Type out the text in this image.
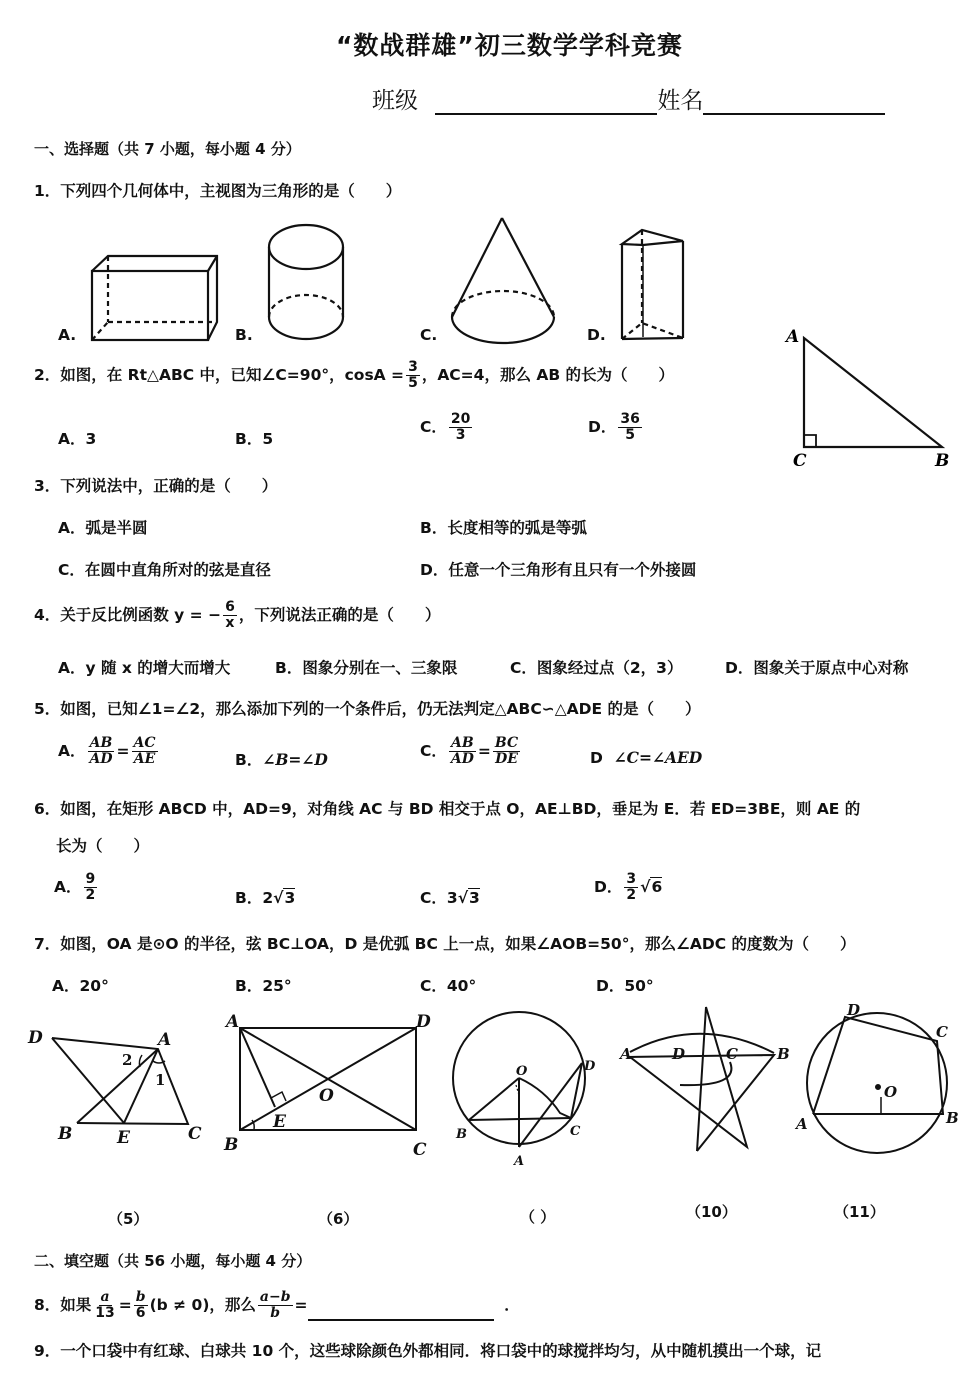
“数战群雄”初三数学学科竞赛
班级	姓名
一、选择题（共 7 小题，每小题 4 分）
1．下列四个几何体中，主视图为三角形的是（　　）
A.	B.	C.	D.	A
C	B
2．如图，在 Rt△ABC 中，已知∠C=90°，$\cos A = \frac{3}{5}$ ，AC=4，那么 AB 的长为（　　）
A．3	B．5
C． $\frac{20}{3}$	D． $\frac{36}{5}$
3．下列说法中，正确的是（　　）
A．弧是半圆	B．长度相等的弧是等弧
C．在圆中直角所对的弦是直径	D．任意一个三角形有且只有一个外接圆
4．关于反比例函数 y = − $\frac{6}{x}$ ，下列说法正确的是（　　）
A．y 随 x 的增大而增大	B．图象分别在一、三象限	C．图象经过点（2，3）	D．图象关于原点中心对称
5．如图，已知∠1=∠2，那么添加下列的一个条件后，仍无法判定△ABC∽△ADE 的是（　　）
A． $\frac{AB}{AD} = \frac{AC}{AE}$	B．∠B=∠D	C． $\frac{AB}{AD} = \frac{BC}{DE}$	D ∠C=∠AED
6．如图，在矩形 ABCD 中，AD=9，对角线 AC 与 BD 相交于点 O，AE⊥BD，垂足为 E．若 ED=3BE，则 AE 的
长为（　　）
A． $\frac{9}{2}$	B．2√3	C．3√3
D． $\frac{3}{2} √6$
7．如图，OA 是⊙O 的半径，弦 BC⊥OA，D 是优弧 BC 上一点，如果∠AOB=50°，那么∠ADC 的度数为（　　）
A．20°	B．25°	C．40°	D．50°
D	A
2
1
B	E	C
A	D
B	C
O
E
O
B	C
A
D
A	D	C	B
D
C
A	B
O
（5）	（6）	（ ）	（10）	（11）
二、填空题（共 56 小题，每小题 4 分）
8．如果 $\frac{a}{13} = \frac{b}{6} (b \ne 0)$，那么 $\frac{a-b}{b}$ =	．
9．一个口袋中有红球、白球共 10 个，这些球除颜色外都相同．将口袋中的球搅拌均匀，从中随机摸出一个球，记
